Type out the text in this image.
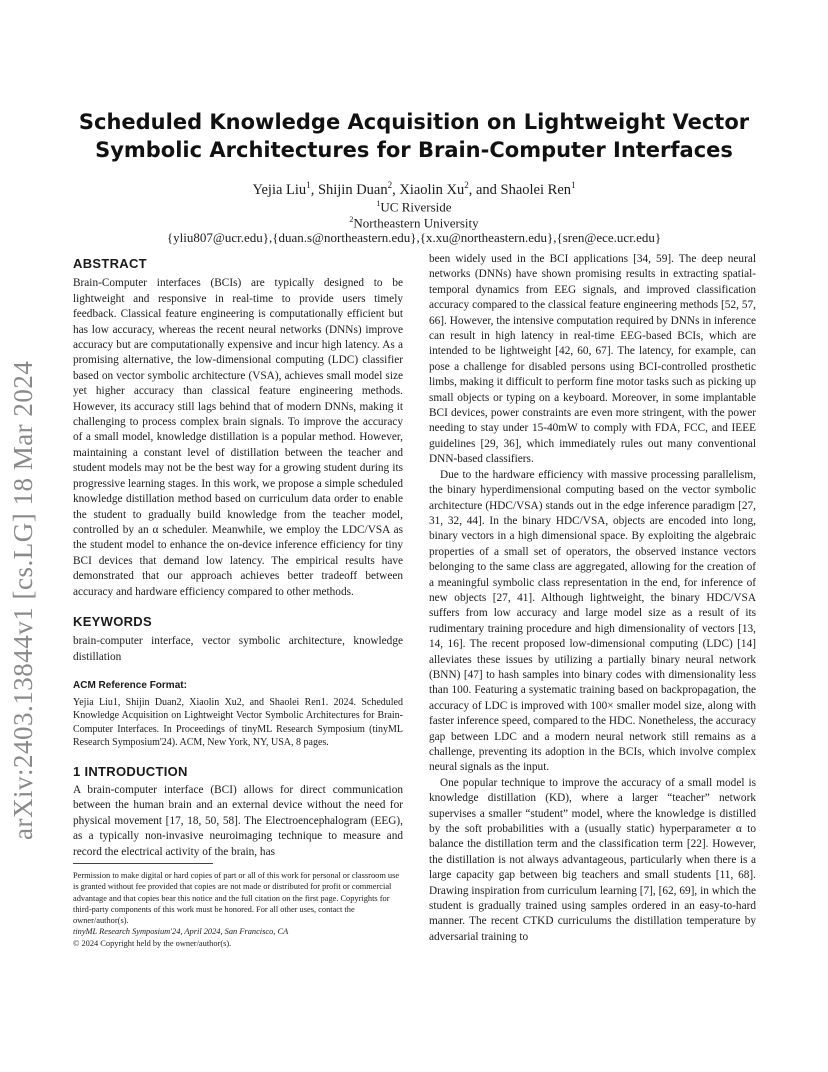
arXiv:2403.13844v1 [cs.LG] 18 Mar 2024
Scheduled Knowledge Acquisition on Lightweight Vector
Symbolic Architectures for Brain-Computer Interfaces
Yejia Liu$^1$, Shijin Duan$^2$, Xiaolin Xu$^2$, and Shaolei Ren$^1$
$^1$UC Riverside
$^2$Northeastern University
{yliu807@ucr.edu},{duan.s@northeastern.edu},{x.xu@northeastern.edu},{sren@ece.ucr.edu}
ABSTRACT

Brain-Computer interfaces (BCIs) are typically designed to be lightweight and responsive in real-time to provide users timely feedback. Classical feature engineering is computationally efficient but has low accuracy, whereas the recent neural networks (DNNs) improve accuracy but are computationally expensive and incur high latency. As a promising alternative, the low-dimensional computing (LDC) classifier based on vector symbolic architecture (VSA), achieves small model size yet higher accuracy than classical feature engineering methods. However, its accuracy still lags behind that of modern DNNs, making it challenging to process complex brain signals. To improve the accuracy of a small model, knowledge distillation is a popular method. However, maintaining a constant level of distillation between the teacher and student models may not be the best way for a growing student during its progressive learning stages. In this work, we propose a simple scheduled knowledge distillation method based on curriculum data order to enable the student to gradually build knowledge from the teacher model, controlled by an α scheduler. Meanwhile, we employ the LDC/VSA as the student model to enhance the on-device inference efficiency for tiny BCI devices that demand low latency. The empirical results have demonstrated that our approach achieves better tradeoff between accuracy and hardware efficiency compared to other methods.

KEYWORDS

brain-computer interface, vector symbolic architecture, knowledge distillation

ACM Reference Format:

Yejia Liu1, Shijin Duan2, Xiaolin Xu2, and Shaolei Ren1. 2024. Scheduled Knowledge Acquisition on Lightweight Vector Symbolic Architectures for Brain-Computer Interfaces. In Proceedings of tinyML Research Symposium (tinyML Research Symposium'24). ACM, New York, NY, USA, 8 pages.

1 INTRODUCTION

A brain-computer interface (BCI) allows for direct communication between the human brain and an external device without the need for physical movement [17, 18, 50, 58]. The Electroencephalogram (EEG), as a typically non-invasive neuroimaging technique to measure and record the electrical activity of the brain, has

Permission to make digital or hard copies of part or all of this work for personal or classroom use is granted without fee provided that copies are not made or distributed for profit or commercial advantage and that copies bear this notice and the full citation on the first page. Copyrights for third-party components of this work must be honored. For all other uses, contact the owner/author(s).

tinyML Research Symposium'24, April 2024, San Francisco, CA

© 2024 Copyright held by the owner/author(s).

been widely used in the BCI applications [34, 59]. The deep neural networks (DNNs) have shown promising results in extracting spatial-temporal dynamics from EEG signals, and improved classification accuracy compared to the classical feature engineering methods [52, 57, 66]. However, the intensive computation required by DNNs in inference can result in high latency in real-time EEG-based BCIs, which are intended to be lightweight [42, 60, 67]. The latency, for example, can pose a challenge for disabled persons using BCI-controlled prosthetic limbs, making it difficult to perform fine motor tasks such as picking up small objects or typing on a keyboard. Moreover, in some implantable BCI devices, power constraints are even more stringent, with the power needing to stay under 15-40mW to comply with FDA, FCC, and IEEE guidelines [29, 36], which immediately rules out many conventional DNN-based classifiers.

Due to the hardware efficiency with massive processing parallelism, the binary hyperdimensional computing based on the vector symbolic architecture (HDC/VSA) stands out in the edge inference paradigm [27, 31, 32, 44]. In the binary HDC/VSA, objects are encoded into long, binary vectors in a high dimensional space. By exploiting the algebraic properties of a small set of operators, the observed instance vectors belonging to the same class are aggregated, allowing for the creation of a meaningful symbolic class representation in the end, for inference of new objects [27, 41]. Although lightweight, the binary HDC/VSA suffers from low accuracy and large model size as a result of its rudimentary training procedure and high dimensionality of vectors [13, 14, 16]. The recent proposed low-dimensional computing (LDC) [14] alleviates these issues by utilizing a partially binary neural network (BNN) [47] to hash samples into binary codes with dimensionality less than 100. Featuring a systematic training based on backpropagation, the accuracy of LDC is improved with 100× smaller model size, along with faster inference speed, compared to the HDC. Nonetheless, the accuracy gap between LDC and a modern neural network still remains as a challenge, preventing its adoption in the BCIs, which involve complex neural signals as the input.

One popular technique to improve the accuracy of a small model is knowledge distillation (KD), where a larger “teacher” network supervises a smaller “student” model, where the knowledge is distilled by the soft probabilities with a (usually static) hyperparameter α to balance the distillation term and the classification term [22]. However, the distillation is not always advantageous, particularly when there is a large capacity gap between big teachers and small students [11, 68]. Drawing inspiration from curriculum learning [7], [62, 69], in which the student is gradually trained using samples ordered in an easy-to-hard manner. The recent CTKD curriculums the distillation temperature by adversarial training to
